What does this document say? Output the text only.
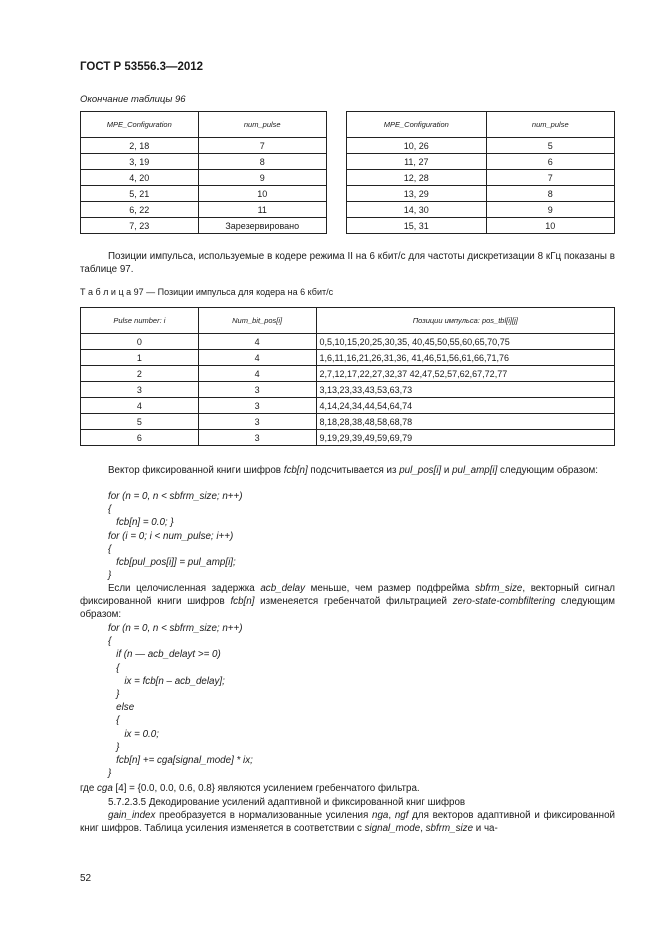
ГОСТ Р 53556.3—2012
Окончание таблицы 96
MPE_Configuration	num_pulse
2, 18	7
3, 19	8
4, 20	9
5, 21	10
6, 22	11
7, 23	Зарезервировано
MPE_Configuration	num_pulse
10, 26	5
11, 27	6
12, 28	7
13, 29	8
14, 30	9
15, 31	10
Позиции импульса, используемые в кодере режима II на 6 кбит/с для частоты дискретизации 8 кГц показаны в таблице 97.
Т а б л и ц а 97 — Позиции импульса для кодера на 6 кбит/с
Pulse number: i	Num_bit_pos[i]	Позиции импульса: pos_tbl[i][j]
0	4	0,5,10,15,20,25,30,35, 40,45,50,55,60,65,70,75
1	4	1,6,11,16,21,26,31,36, 41,46,51,56,61,66,71,76
2	4	2,7,12,17,22,27,32,37 42,47,52,57,62,67,72,77
3	3	3,13,23,33,43,53,63,73
4	3	4,14,24,34,44,54,64,74
5	3	8,18,28,38,48,58,68,78
6	3	9,19,29,39,49,59,69,79
Вектор фиксированной книги шифров fcb[n] подсчитывается из pul_pos[i] и pul_amp[i] следующим образом:
for (n = 0, n < sbfrm_size; n++)
{
fcb[n] = 0.0; }
for (i = 0; i < num_pulse; i++)
{
fcb[pul_pos[i]] = pul_amp[i];
}
Если целочисленная задержка acb_delay меньше, чем размер подфрейма sbfrm_size, векторный сигнал фиксированной книги шифров fcb[n] изменеяется гребенчатой фильтрацией zero-state-combfiltering следующим образом:
for (n = 0, n < sbfrm_size; n++)
{
if (n — acb_delayt >= 0)
{
ix = fcb[n – acb_delay];
}
else
{
ix = 0.0;
}
fcb[n] += cga[signal_mode] * ix;
}
где cga [4] = {0.0, 0.0, 0.6, 0.8} являются усилением гребенчатого фильтра.
5.7.2.3.5 Декодирование усилений адаптивной и фиксированной книг шифров
gain_index преобразуется в нормализованные усиления nga, ngf для векторов адаптивной и фиксированной книг шифров. Таблица усиления изменяется в соответствии с signal_mode, sbfrm_size и ча-
52
